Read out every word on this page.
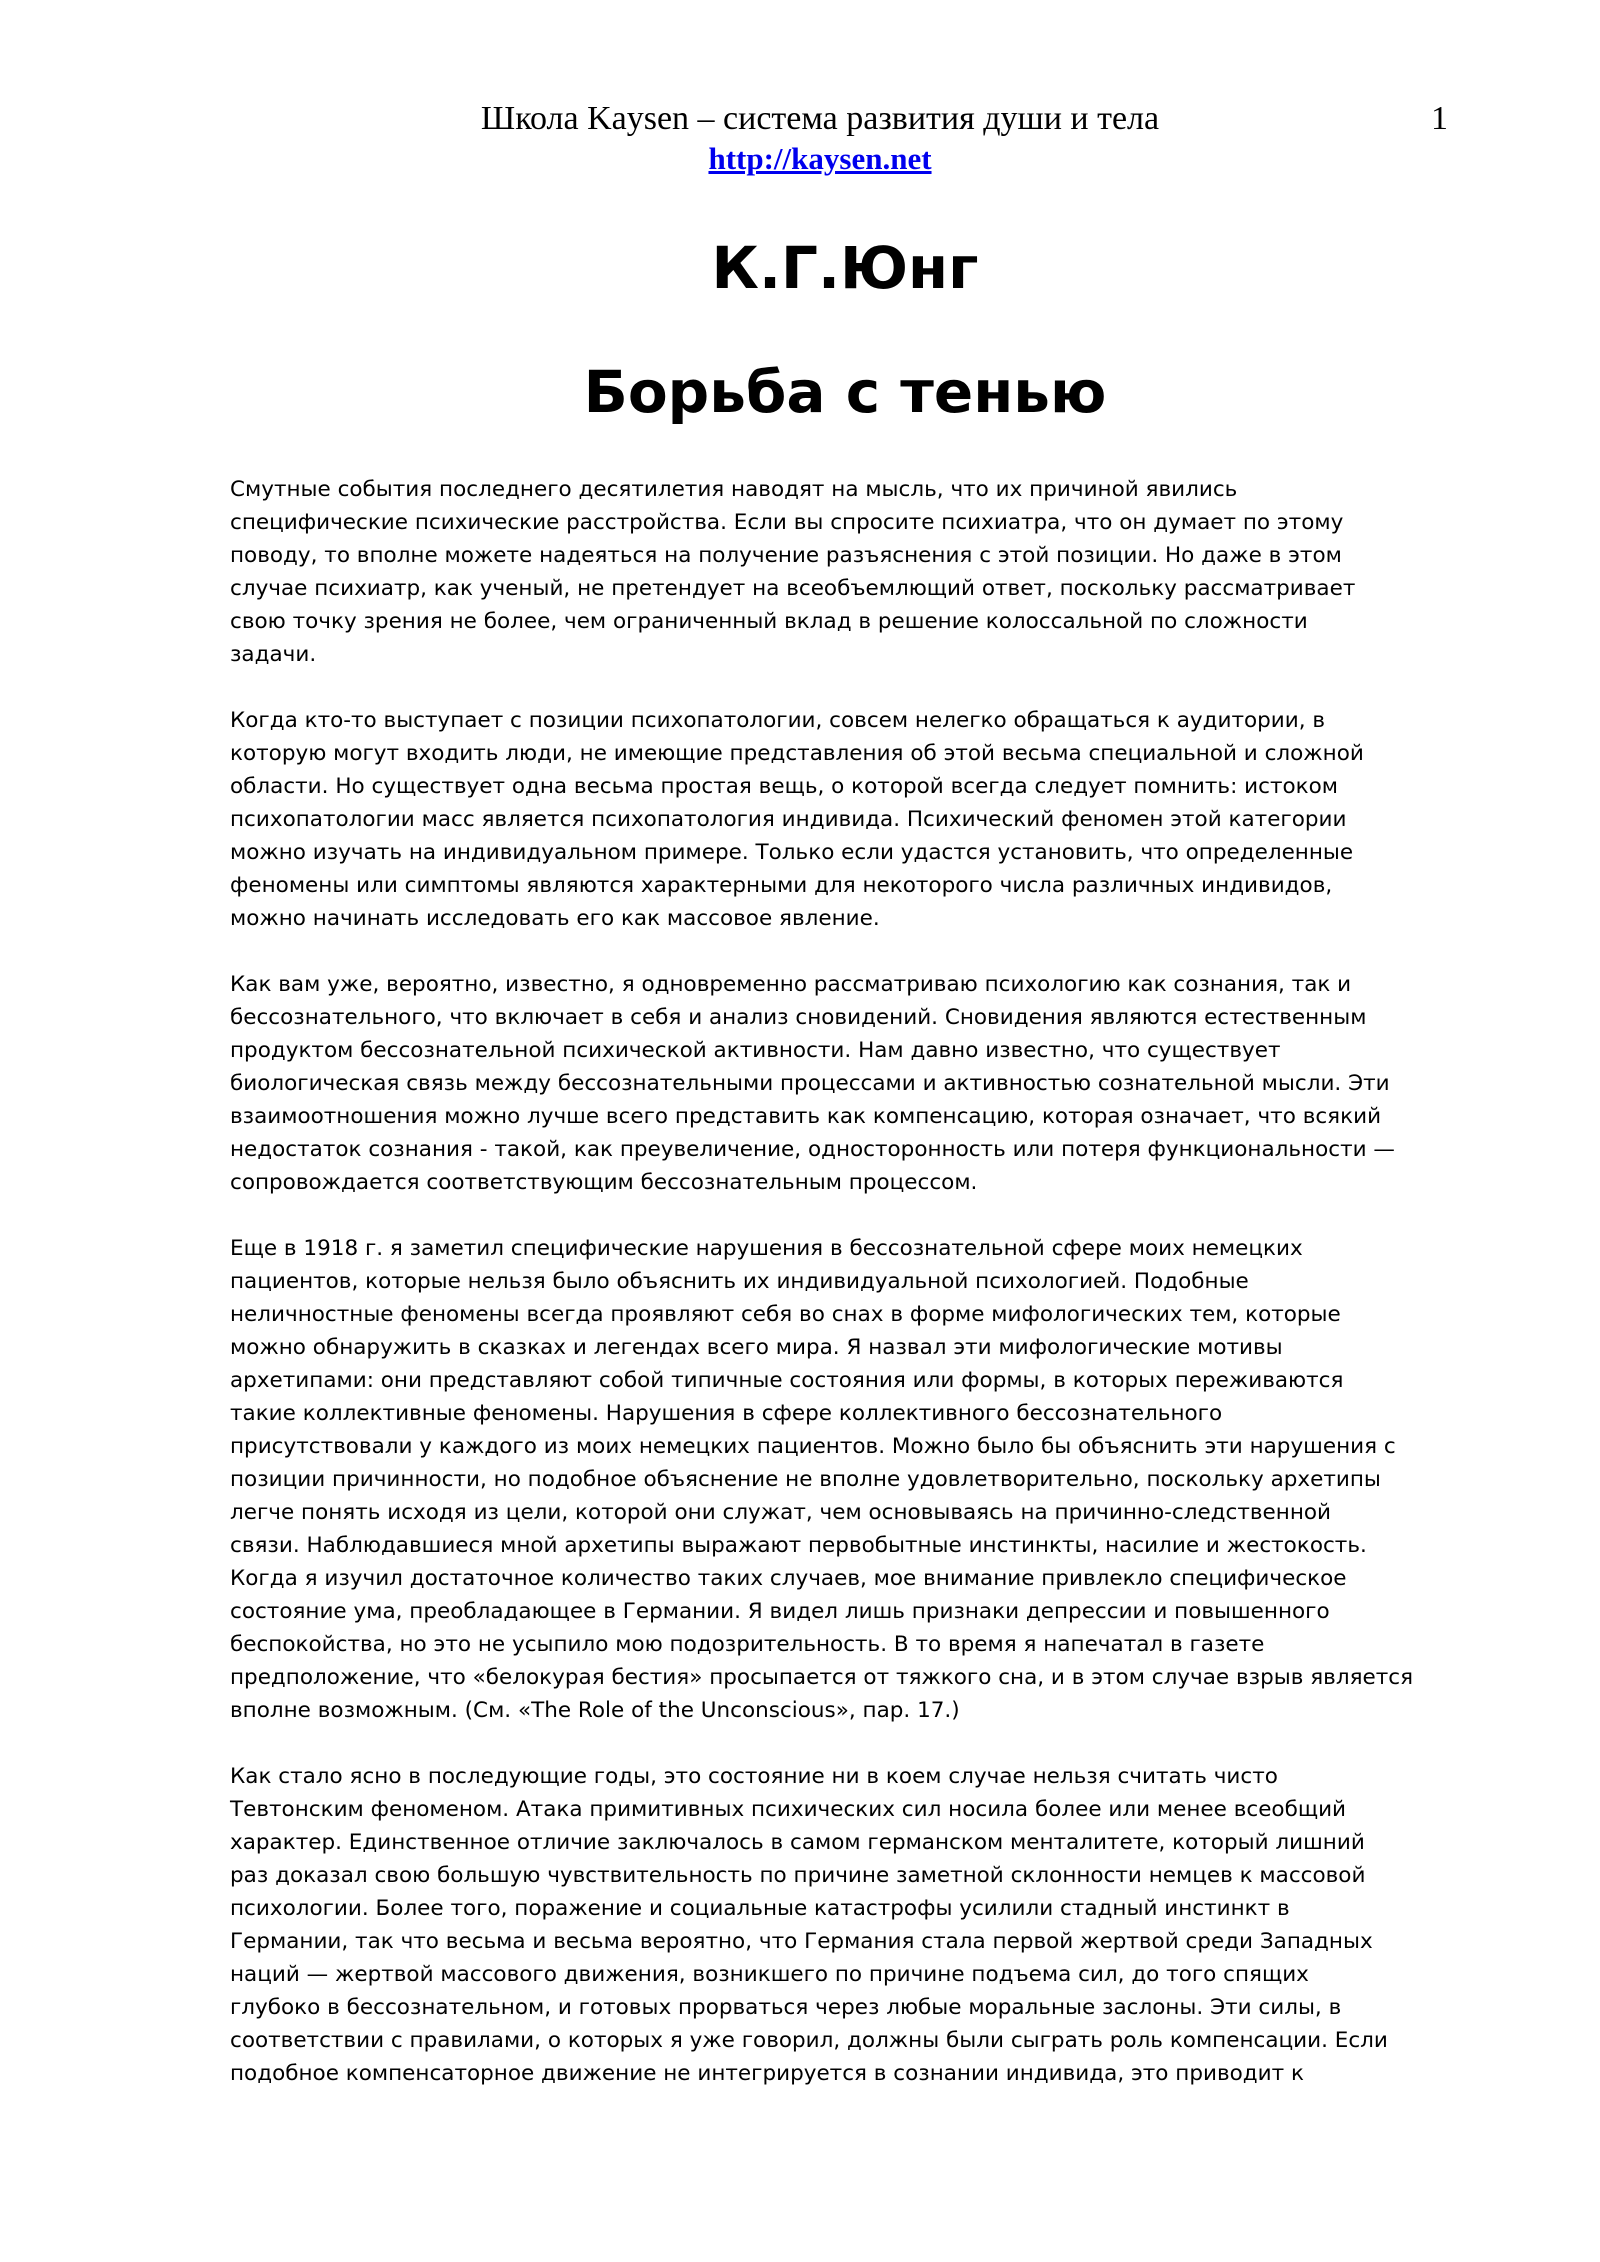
Школа Kaysen – система развития души и тела
http://kaysen.net
1
К.Г.Юнг
Борьба с тенью
Смутные события последнего десятилетия наводят на мысль, что их причиной явились
специфические психические расстройства. Если вы спросите психиатра, что он думает по этому
поводу, то вполне можете надеяться на получение разъяснения с этой позиции. Но даже в этом
случае психиатр, как ученый, не претендует на всеобъемлющий ответ, поскольку рассматривает
свою точку зрения не более, чем ограниченный вклад в решение колоссальной по сложности
задачи.
Когда кто-то выступает с позиции психопатологии, совсем нелегко обращаться к аудитории, в
которую могут входить люди, не имеющие представления об этой весьма специальной и сложной
области. Но существует одна весьма простая вещь, о которой всегда следует помнить: истоком
психопатологии масс является психопатология индивида. Психический феномен этой категории
можно изучать на индивидуальном примере. Только если удастся установить, что определенные
феномены или симптомы являются характерными для некоторого числа различных индивидов,
можно начинать исследовать его как массовое явление.
Как вам уже, вероятно, известно, я одновременно рассматриваю психологию как сознания, так и
бессознательного, что включает в себя и анализ сновидений. Сновидения являются естественным
продуктом бессознательной психической активности. Нам давно известно, что существует
биологическая связь между бессознательными процессами и активностью сознательной мысли. Эти
взаимоотношения можно лучше всего представить как компенсацию, которая означает, что всякий
недостаток сознания - такой, как преувеличение, односторонность или потеря функциональности —
сопровождается соответствующим бессознательным процессом.
Еще в 1918 г. я заметил специфические нарушения в бессознательной сфере моих немецких
пациентов, которые нельзя было объяснить их индивидуальной психологией. Подобные
неличностные феномены всегда проявляют себя во снах в форме мифологических тем, которые
можно обнаружить в сказках и легендах всего мира. Я назвал эти мифологические мотивы
архетипами: они представляют собой типичные состояния или формы, в которых переживаются
такие коллективные феномены. Нарушения в сфере коллективного бессознательного
присутствовали у каждого из моих немецких пациентов. Можно было бы объяснить эти нарушения с
позиции причинности, но подобное объяснение не вполне удовлетворительно, поскольку архетипы
легче понять исходя из цели, которой они служат, чем основываясь на причинно-следственной
связи. Наблюдавшиеся мной архетипы выражают первобытные инстинкты, насилие и жестокость.
Когда я изучил достаточное количество таких случаев, мое внимание привлекло специфическое
состояние ума, преобладающее в Германии. Я видел лишь признаки депрессии и повышенного
беспокойства, но это не усыпило мою подозрительность. В то время я напечатал в газете
предположение, что «белокурая бестия» просыпается от тяжкого сна, и в этом случае взрыв является
вполне возможным. (См. «The Role of the Unconscious», пар. 17.)
Как стало ясно в последующие годы, это состояние ни в коем случае нельзя считать чисто
Тевтонским феноменом. Атака примитивных психических сил носила более или менее всеобщий
характер. Единственное отличие заключалось в самом германском менталитете, который лишний
раз доказал свою большую чувствительность по причине заметной склонности немцев к массовой
психологии. Более того, поражение и социальные катастрофы усилили стадный инстинкт в
Германии, так что весьма и весьма вероятно, что Германия стала первой жертвой среди Западных
наций — жертвой массового движения, возникшего по причине подъема сил, до того спящих
глубоко в бессознательном, и готовых прорваться через любые моральные заслоны. Эти силы, в
соответствии с правилами, о которых я уже говорил, должны были сыграть роль компенсации. Если
подобное компенсаторное движение не интегрируется в сознании индивида, это приводит к
